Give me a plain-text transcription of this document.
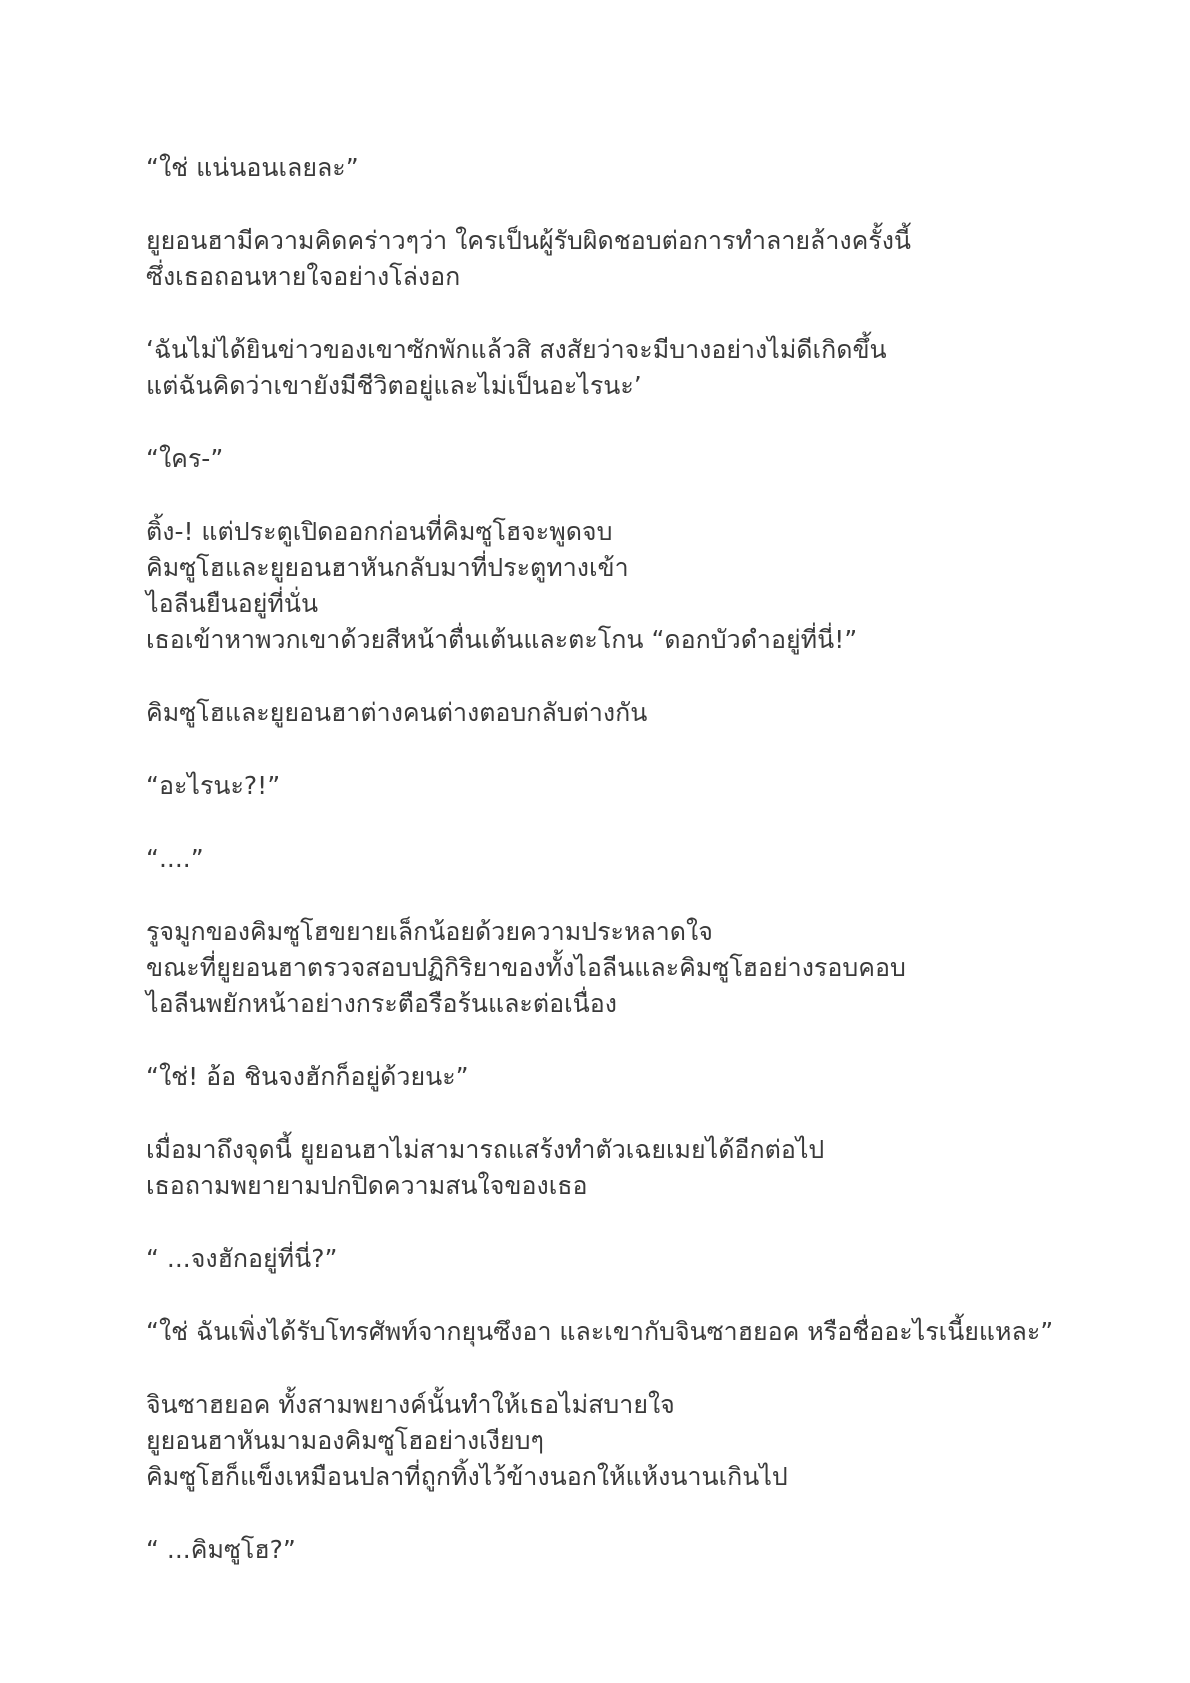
“ใช่ แน่นอนเลยละ”

ยูยอนฮามีความคิดคร่าวๆว่า ใครเป็นผู้รับผิดชอบต่อการทำลายล้างครั้งนี้
ซึ่งเธอถอนหายใจอย่างโล่งอก

‘ฉันไม่ได้ยินข่าวของเขาซักพักแล้วสิ สงสัยว่าจะมีบางอย่างไม่ดีเกิดขึ้น
แต่ฉันคิดว่าเขายังมีชีวิตอยู่และไม่เป็นอะไรนะ’

“ใคร-”

ติ้ง-! แต่ประตูเปิดออกก่อนที่คิมซูโฮจะพูดจบ
คิมซูโฮและยูยอนฮาหันกลับมาที่ประตูทางเข้า
ไอลีนยืนอยู่ที่นั่น
เธอเข้าหาพวกเขาด้วยสีหน้าตื่นเต้นและตะโกน “ดอกบัวดำอยู่ที่นี่!”

คิมซูโฮและยูยอนฮาต่างคนต่างตอบกลับต่างกัน

“อะไรนะ?!”

“....”

รูจมูกของคิมซูโฮขยายเล็กน้อยด้วยความประหลาดใจ
ขณะที่ยูยอนฮาตรวจสอบปฏิกิริยาของทั้งไอลีนและคิมซูโฮอย่างรอบคอบ
ไอลีนพยักหน้าอย่างกระตือรือร้นและต่อเนื่อง

“ใช่! อ้อ ชินจงฮักก็อยู่ด้วยนะ”

เมื่อมาถึงจุดนี้ ยูยอนฮาไม่สามารถแสร้งทำตัวเฉยเมยได้อีกต่อไป
เธอถามพยายามปกปิดความสนใจของเธอ

“ ...จงฮักอยู่ที่นี่?”

“ใช่ ฉันเพิ่งได้รับโทรศัพท์จากยุนซึงอา และเขากับจินซาฮยอค หรือชื่ออะไรเนี้ยแหละ”

จินซาฮยอค ทั้งสามพยางค์นั้นทำให้เธอไม่สบายใจ
ยูยอนฮาหันมามองคิมซูโฮอย่างเงียบๆ
คิมซูโฮก็แข็งเหมือนปลาที่ถูกทิ้งไว้ข้างนอกให้แห้งนานเกินไป

“ ...คิมซูโฮ?”
